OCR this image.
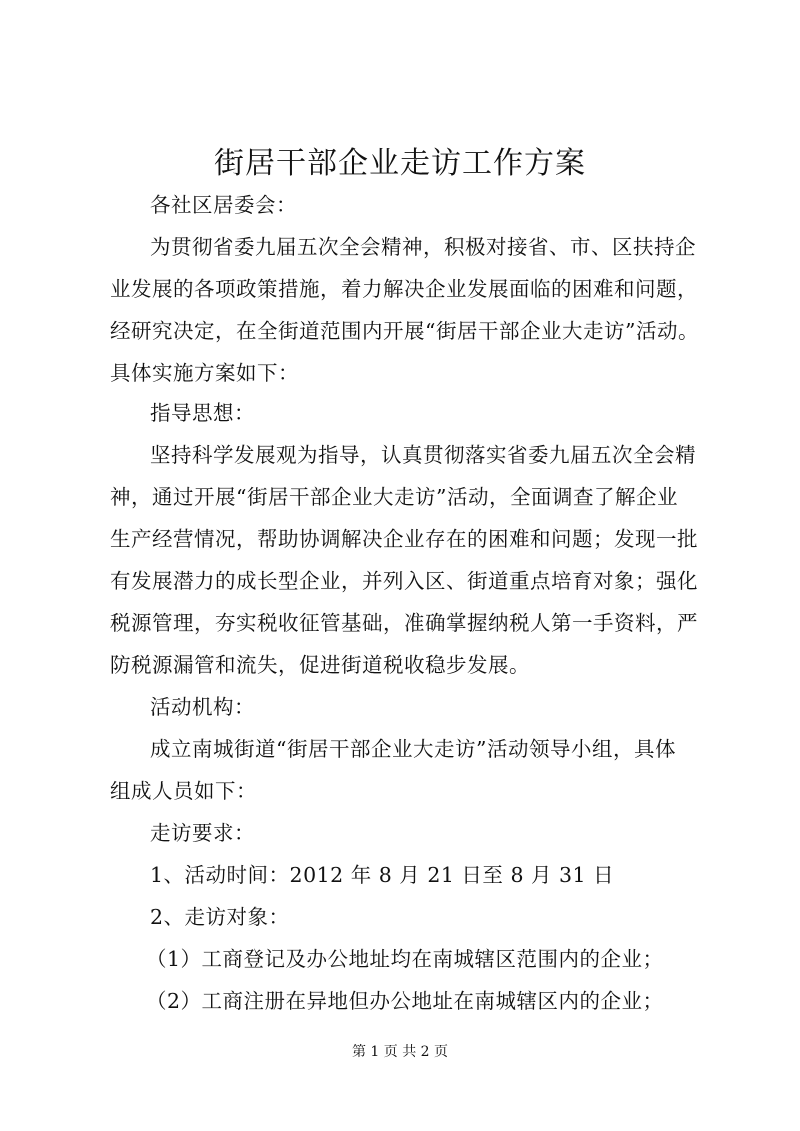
街居干部企业走访工作方案
各社区居委会：
为贯彻省委九届五次全会精神，积极对接省、市、区扶持企
业发展的各项政策措施，着力解决企业发展面临的困难和问题，
经研究决定，在全街道范围内开展“街居干部企业大走访”活动。
具体实施方案如下：
指导思想：
坚持科学发展观为指导，认真贯彻落实省委九届五次全会精
神，通过开展“街居干部企业大走访”活动，全面调查了解企业
生产经营情况，帮助协调解决企业存在的困难和问题；发现一批
有发展潜力的成长型企业，并列入区、街道重点培育对象；强化
税源管理，夯实税收征管基础，准确掌握纳税人第一手资料，严
防税源漏管和流失，促进街道税收稳步发展。
活动机构：
成立南城街道“街居干部企业大走访”活动领导小组，具体
组成人员如下：
走访要求：
1、活动时间：2012 年 8 月 21 日至 8 月 31 日
2、走访对象：
（1）工商登记及办公地址均在南城辖区范围内的企业；
（2）工商注册在异地但办公地址在南城辖区内的企业；
第 1 页 共 2 页
